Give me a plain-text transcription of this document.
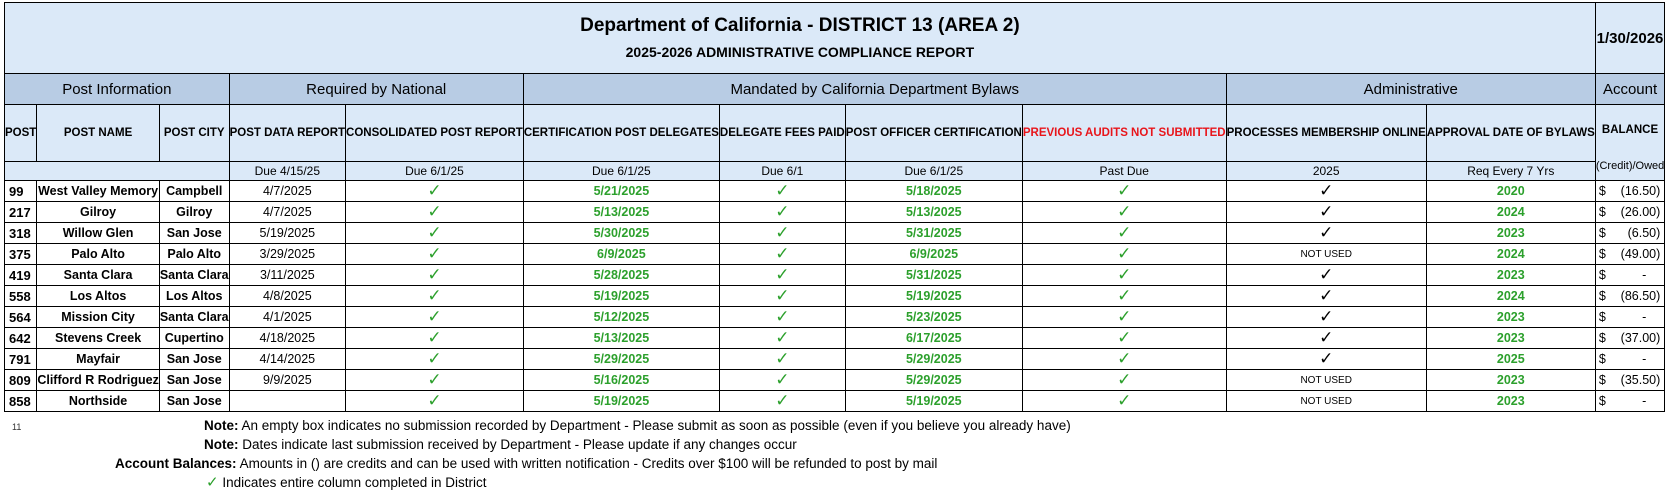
Department of California - DISTRICT 13 (AREA 2)
2025-2026 ADMINISTRATIVE COMPLIANCE REPORT											1/30/2026
Post Information			Required by National		Mandated by California Department Bylaws				Administrative		Account
POST	POST NAME	POST CITY	POST DATA REPORT	CONSOLIDATED POST REPORT	CERTIFICATION POST DELEGATES	DELEGATE FEES PAID	POST OFFICER CERTIFICATION	PREVIOUS AUDITS NOT SUBMITTED	PROCESSES MEMBERSHIP ONLINE	APPROVAL DATE OF BYLAWS	BALANCE
(Credit)/Owed

			Due 4/15/25	Due 6/1/25	Due 6/1/25	Due 6/1	Due 6/1/25	Past Due	2025	Req Every 7 Yrs	
99	West Valley Memory	Campbell	4/7/2025	✓	5/21/2025	✓	5/18/2025	✓	✓	2020	$ (16.50)

217	Gilroy	Gilroy	4/7/2025	✓	5/13/2025	✓	5/13/2025	✓	✓	2024	$ (26.00)

318	Willow Glen	San Jose	5/19/2025	✓	5/30/2025	✓	5/31/2025	✓	✓	2023	$ (6.50)

375	Palo Alto	Palo Alto	3/29/2025	✓	6/9/2025	✓	6/9/2025	✓	NOT USED	2024	$ (49.00)

419	Santa Clara	Santa Clara	3/11/2025	✓	5/28/2025	✓	5/31/2025	✓	✓	2023	$ -

558	Los Altos	Los Altos	4/8/2025	✓	5/19/2025	✓	5/19/2025	✓	✓	2024	$ (86.50)

564	Mission City	Santa Clara	4/1/2025	✓	5/12/2025	✓	5/23/2025	✓	✓	2023	$ -

642	Stevens Creek	Cupertino	4/18/2025	✓	5/13/2025	✓	6/17/2025	✓	✓	2023	$ (37.00)

791	Mayfair	San Jose	4/14/2025	✓	5/29/2025	✓	5/29/2025	✓	✓	2025	$ -

809	Clifford R Rodriguez	San Jose	9/9/2025	✓	5/16/2025	✓	5/29/2025	✓	NOT USED	2023	$ (35.50)

858	Northside	San Jose		✓	5/19/2025	✓	5/19/2025	✓	NOT USED	2023	$ -
11	Note: An empty box indicates no submission recorded by Department - Please submit as soon as possible (even if you believe you already have)
Note: Dates indicate last submission received by Department - Please update if any changes occur
Account Balances: Amounts in () are credits and can be used with written notification - Credits over $100 will be refunded to post by mail
✓ Indicates entire column completed in District
